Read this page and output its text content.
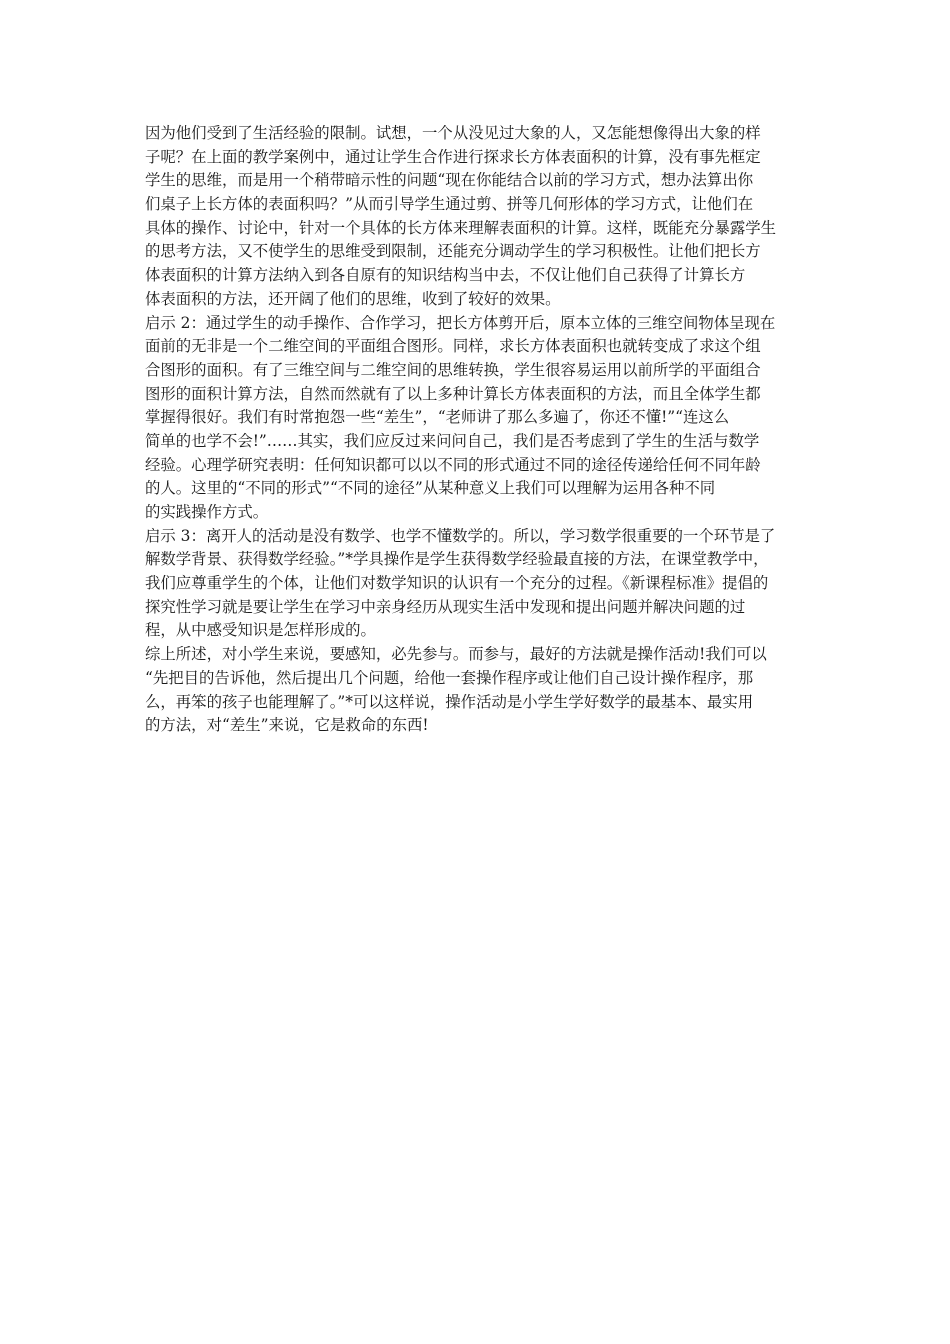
因为他们受到了生活经验的限制。试想，一个从没见过大象的人，又怎能想像得出大象的样
子呢？在上面的教学案例中，通过让学生合作进行探求长方体表面积的计算，没有事先框定
学生的思维，而是用一个稍带暗示性的问题“现在你能结合以前的学习方式，想办法算出你
们桌子上长方体的表面积吗？”从而引导学生通过剪、拼等几何形体的学习方式，让他们在
具体的操作、讨论中，针对一个具体的长方体来理解表面积的计算。这样，既能充分暴露学生
的思考方法，又不使学生的思维受到限制，还能充分调动学生的学习积极性。让他们把长方
体表面积的计算方法纳入到各自原有的知识结构当中去，不仅让他们自己获得了计算长方
体表面积的方法，还开阔了他们的思维，收到了较好的效果。
启示 2：通过学生的动手操作、合作学习，把长方体剪开后，原本立体的三维空间物体呈现在
面前的无非是一个二维空间的平面组合图形。同样，求长方体表面积也就转变成了求这个组
合图形的面积。有了三维空间与二维空间的思维转换，学生很容易运用以前所学的平面组合
图形的面积计算方法，自然而然就有了以上多种计算长方体表面积的方法，而且全体学生都
掌握得很好。我们有时常抱怨一些“差生”，“老师讲了那么多遍了，你还不懂!”“连这么
简单的也学不会!”……其实，我们应反过来问问自己，我们是否考虑到了学生的生活与数学
经验。心理学研究表明：任何知识都可以以不同的形式通过不同的途径传递给任何不同年龄
的人。这里的“不同的形式”“不同的途径”从某种意义上我们可以理解为运用各种不同
的实践操作方式。
启示 3：离开人的活动是没有数学、也学不懂数学的。所以，学习数学很重要的一个环节是了
解数学背景、获得数学经验。”*学具操作是学生获得数学经验最直接的方法，在课堂教学中，
我们应尊重学生的个体，让他们对数学知识的认识有一个充分的过程。《新课程标准》提倡的
探究性学习就是要让学生在学习中亲身经历从现实生活中发现和提出问题并解决问题的过
程，从中感受知识是怎样形成的。
综上所述，对小学生来说，要感知，必先参与。而参与，最好的方法就是操作活动!我们可以
“先把目的告诉他，然后提出几个问题，给他一套操作程序或让他们自己设计操作程序，那
么，再笨的孩子也能理解了。”*可以这样说，操作活动是小学生学好数学的最基本、最实用
的方法，对“差生”来说，它是救命的东西!
